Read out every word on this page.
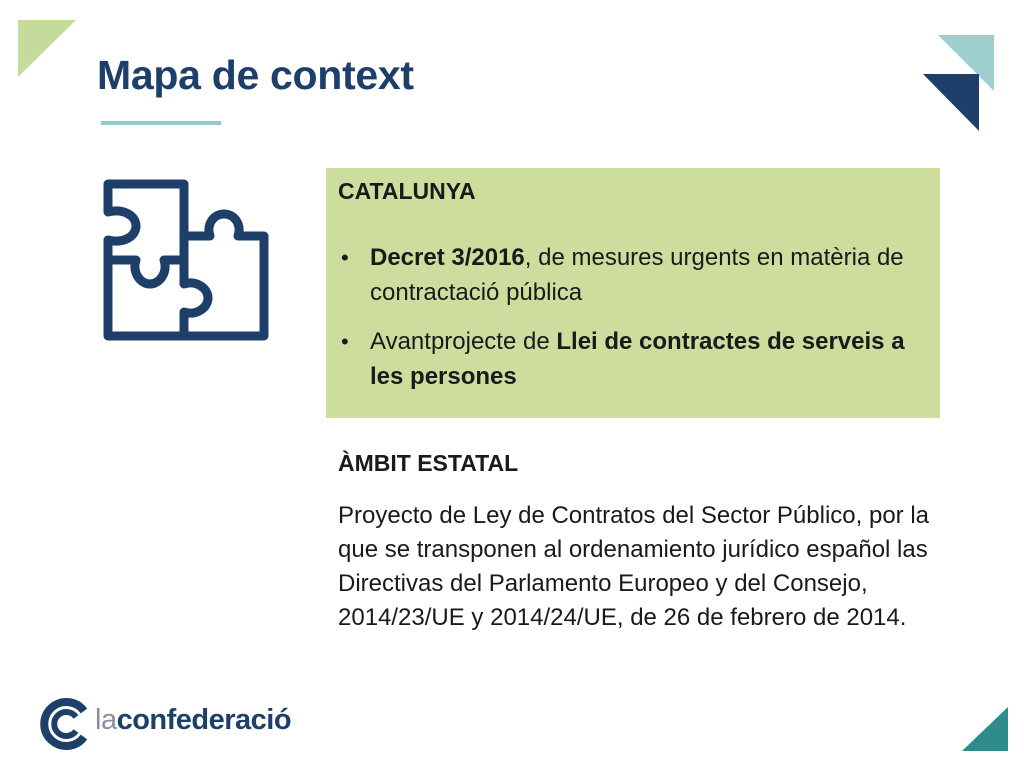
Mapa de context
CATALUNYA
• Decret 3/2016, de mesures urgents en matèria de contractació pública
• Avantprojecte de Llei de contractes de serveis a les persones
ÀMBIT ESTATAL

Proyecto de Ley de Contratos del Sector Público, por la que se transponen al ordenamiento jurídico español las Directivas del Parlamento Europeo y del Consejo, 2014/23/UE y 2014/24/UE, de 26 de febrero de 2014.

laconfederació
